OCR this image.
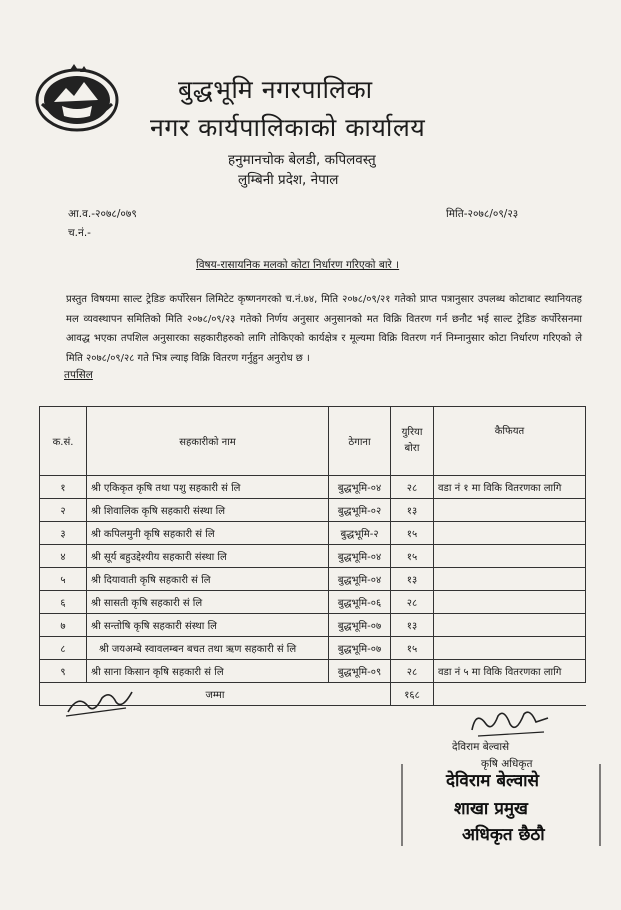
बुद्धभूमि नगरपालिका
नगर कार्यपालिकाको कार्यालय
हनुमानचोक बेलडी, कपिलवस्तु
लुम्बिनी प्रदेश, नेपाल
आ.व.-२०७८/०७९
च.नं.-
मिति-२०७८/०९/२३
विषय-रासायनिक मलको कोटा निर्धारण गरिएको बारे ।
प्रस्तुत विषयमा साल्ट ट्रेडिङ कर्पोरेसन लिमिटेट कृष्णनगरको च.नं.७४, मिति २०७८/०९/२१ गतेको प्राप्त पत्रानुसार उपलब्ध कोटाबाट स्थानियतह मल व्यवस्थापन समितिको मिति २०७८/०९/२३ गतेको निर्णय अनुसार अनुसानको मत विक्रि वितरण गर्न छनौट भई साल्ट ट्रेडिङ कर्पोरेसनमा आवद्ध भएका तपशिल अनुसारका सहकारीहरुको लागि तोकिएको कार्यक्षेत्र र मूल्यमा विक्रि वितरण गर्न निम्नानुसार कोटा निर्धारण गरिएको ले मिति २०७८/०९/२८ गते भित्र ल्याइ विक्रि वितरण गर्नुहुन अनुरोध छ ।
तपसिल
क.सं.	सहकारीको नाम	ठेगाना	युरिया बोरा	कैफियत
१	श्री एकिकृत कृषि तथा पशु सहकारी सं लि	बुद्धभूमि-०४	२८	वडा नं १ मा विकि वितरणका लागि
२	श्री शिवालिक कृषि सहकारी संस्था लि	बुद्धभूमि-०२	१३	
३	श्री कपिलमुनी कृषि सहकारी सं लि	बुद्धभूमि-२	१५	
४	श्री सूर्य बहुउद्देश्यीय सहकारी संस्था लि	बुद्धभूमि-०४	१५	
५	श्री दियावाती कृषि सहकारी सं लि	बुद्धभूमि-०४	१३	
६	श्री सासती कृषि सहकारी सं लि	बुद्धभूमि-०६	२८	
७	श्री सन्तोषि कृषि सहकारी संस्था लि	बुद्धभूमि-०७	१३	
८	श्री जयअम्बे स्वावलम्बन बचत तथा ऋण सहकारी सं लि	बुद्धभूमि-०७	१५	
९	श्री साना किसान कृषि सहकारी सं लि	बुद्धभूमि-०९	२८	वडा नं ५ मा विकि वितरणका लागि
जम्मा			१६८	
देविराम बेल्वासे
कृषि अधिकृत
देविराम बेल्वासे
शाखा प्रमुख
अधिकृत छैठौ
